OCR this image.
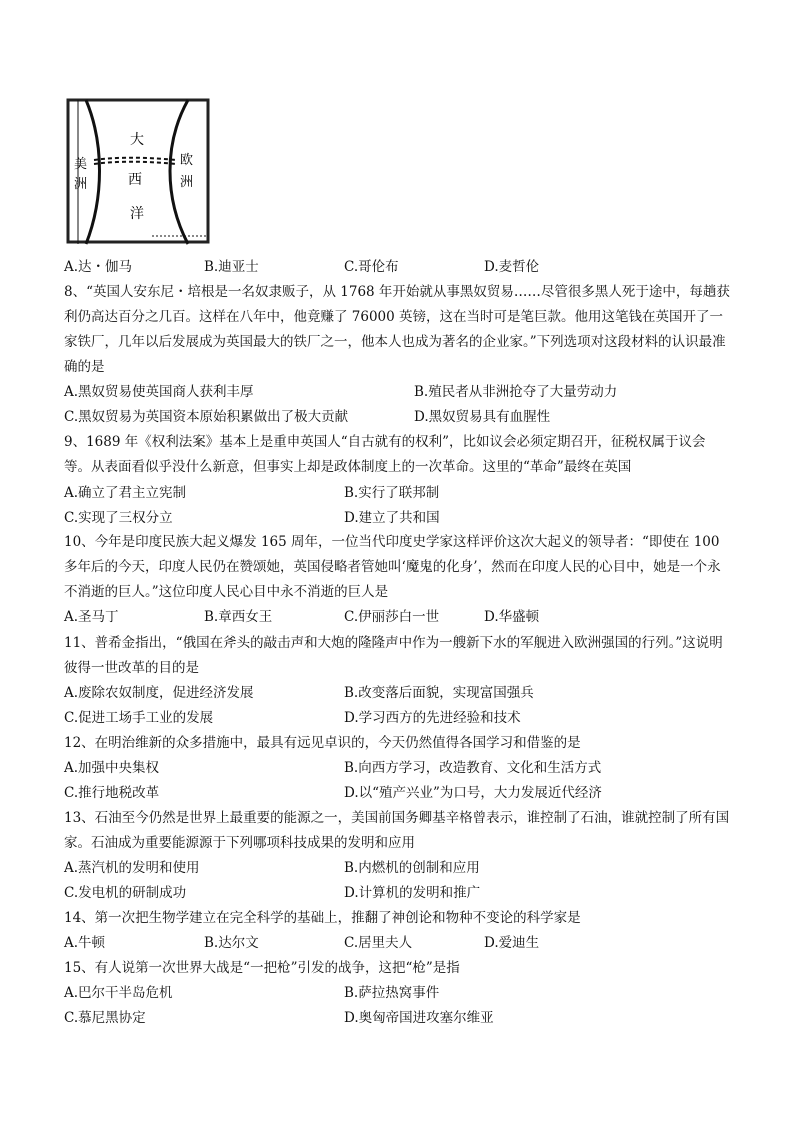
大
西
洋
美
洲
欧
洲
A.达・伽马	B.迪亚士	C.哥伦布	D.麦哲伦
8、“英国人安东尼・培根是一名奴隶贩子，从 1768 年开始就从事黑奴贸易……尽管很多黑人死于途中，每趟获利仍高达百分之几百。这样在八年中，他竟赚了 76000 英镑，这在当时可是笔巨款。他用这笔钱在英国开了一家铁厂，几年以后发展成为英国最大的铁厂之一，他本人也成为著名的企业家。”下列选项对这段材料的认识最准确的是
A.黑奴贸易使英国商人获利丰厚	B.殖民者从非洲抢夺了大量劳动力
C.黑奴贸易为英国资本原始积累做出了极大贡献	D.黑奴贸易具有血腥性
9、1689 年《权利法案》基本上是重申英国人“自古就有的权利”，比如议会必须定期召开，征税权属于议会等。从表面看似乎没什么新意，但事实上却是政体制度上的一次革命。这里的“革命”最终在英国
A.确立了君主立宪制	B.实行了联邦制
C.实现了三权分立	D.建立了共和国
10、今年是印度民族大起义爆发 165 周年，一位当代印度史学家这样评价这次大起义的领导者：“即使在 100 多年后的今天，印度人民仍在赞颂她，英国侵略者管她叫‘魔鬼的化身’，然而在印度人民的心目中，她是一个永不消逝的巨人。”这位印度人民心目中永不消逝的巨人是
A.圣马丁	B.章西女王	C.伊丽莎白一世	D.华盛顿
11、普希金指出，“俄国在斧头的敲击声和大炮的隆隆声中作为一艘新下水的军舰进入欧洲强国的行列。”这说明彼得一世改革的目的是
A.废除农奴制度，促进经济发展	B.改变落后面貌，实现富国强兵
C.促进工场手工业的发展	D.学习西方的先进经验和技术
12、在明治维新的众多措施中，最具有远见卓识的，今天仍然值得各国学习和借鉴的是
A.加强中央集权	B.向西方学习，改造教育、文化和生活方式
C.推行地税改革	D.以“殖产兴业”为口号，大力发展近代经济
13、石油至今仍然是世界上最重要的能源之一，美国前国务卿基辛格曾表示，谁控制了石油，谁就控制了所有国家。石油成为重要能源源于下列哪项科技成果的发明和应用
A.蒸汽机的发明和使用	B.内燃机的创制和应用
C.发电机的研制成功	D.计算机的发明和推广
14、第一次把生物学建立在完全科学的基础上，推翻了神创论和物种不变论的科学家是
A.牛顿	B.达尔文	C.居里夫人	D.爱迪生
15、有人说第一次世界大战是“一把枪”引发的战争，这把“枪”是指
A.巴尔干半岛危机	B.萨拉热窝事件
C.慕尼黑协定	D.奥匈帝国进攻塞尔维亚
